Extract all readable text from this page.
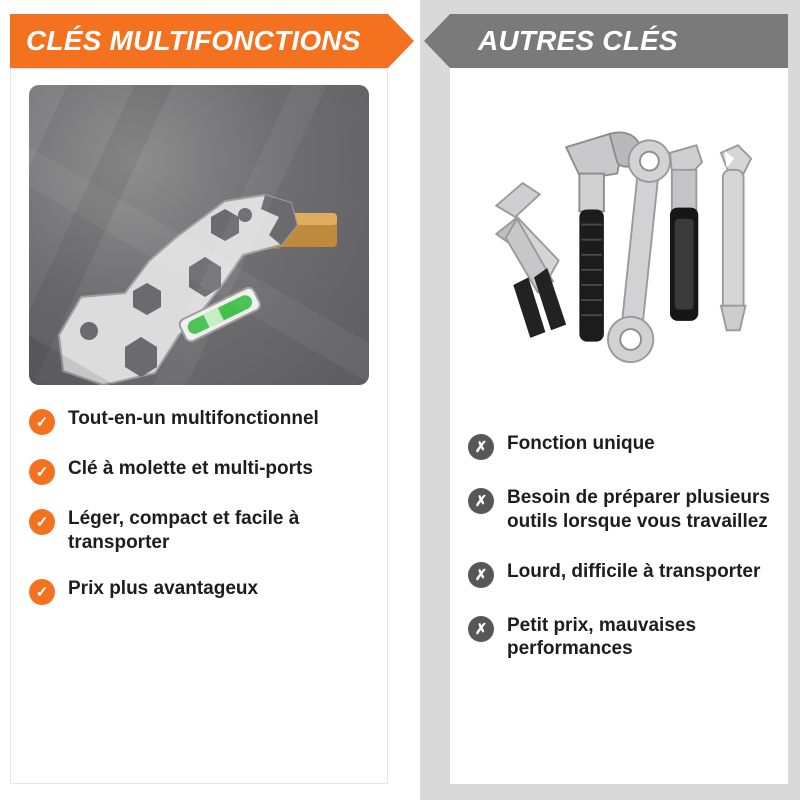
CLÉS MULTIFONCTIONS
✓	Tout-en-un multifonctionnel
✓	Clé à molette et multi-ports
✓	Léger, compact et facile à transporter
✓	Prix plus avantageux
AUTRES CLÉS
✗	Fonction unique
✗	Besoin de préparer plusieurs outils lorsque vous travaillez
✗	Lourd, difficile à transporter
✗	Petit prix, mauvaises performances
